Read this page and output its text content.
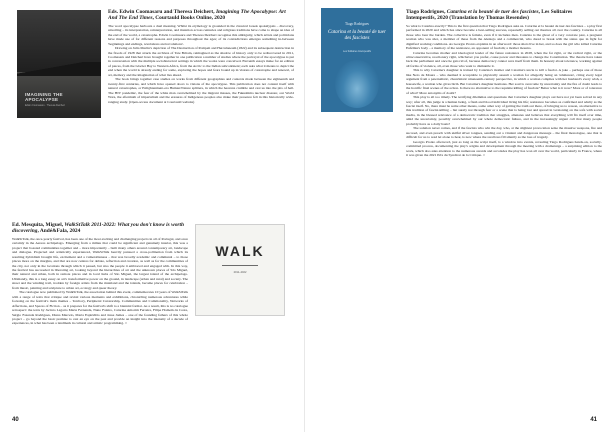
IMAGINING THE APOCALYPSE
Edwin Coomasaru · Theresa Deichert
Eds. Edwin Coomasaru and Theresa Deichert, Imagining The Apocalypse: Art And The End Times, Courtauld Books Online, 2020

The word apocalypse harbours a dual meaning. Whilst its etymology is grounded in the classical Greek apokalypsis – discovery, unveiling – its interpretation, reinterpretation, and mutation across centuries and religious traditions have come to shape an idea of the end of the world, a catastrophe. Edwin Coomasaru and Theresa Deichert recognise this ambiguity, which artists and politicians have made use of for different reasons and purposes throughout the ages; of its contradictions emerges something in-between 'beginnings and endings, revelations and revolutions'.

Drawing on Julia Martin's depiction of The Destruction of Pompeii and Herculaneum (1822) and its subsequent destruction in the floods of 1928 that struck the archives of Tate Britain, reimagined as the shadow of history only to be rediscovered in 2011, Coomasaru and Deichert have brought together in one publication a number of studies where the portrayal of the apocalypse is put in conversation with the multiple sociohistorical settings in which the works were conceived. Eleventh essays make for an edition of pieces, from the Glacier Bay to Western Africa, from the Arctic to the Indian subcontinent; each asks what it means to depict the end when the world is already ending for some, exploring the hopes and fears bound up in visions of catastrophe and renewal, of art, memory and the imagination of what lies ahead.

The book brings together case studies on works from different geographies and contexts made between the eighteenth and twenty-first centuries, and which have opened doors to visions of the apocalypse. This publication does not content itself with natural catastrophes, or Enlightenment-era Human/Nature splitters, in which the heavens crumble and cast us into the pits of hell. The HIV pandemic, the fear of the white man overwhelmed by the migrant masses, the Fukushima nuclear disaster, our World Wars, the aftermath of imperialism and the erasures of Indigenous peoples also make their presence felt in this historically wide-ranging study. (Open-access document at Courtauld website)

Ed. Mesquita, Miguel, WalkStTalk 2011-2022: What you don't know is worth discovering, Andé&Fala, 2024

WalkStTalk, the once-yearly festival, has been one of the most exciting and challenging projects in all of Portugal, and once certainly in the Azores archipelago. Emerging from a milieu that could be significant and genuinely insular, this was a project that boasted communities together and – more importantly – built many others around contemporary art, landscape and dialogue. Projected and artistically experienced, WalkStTalk heavily pursued a cross-pollination from which its resulting hybridism brought life, excitement and a vulnerableness – that was broadly academic and communal – to those places more on the margins, and that are now centres for debate, reflection and creation, as well as for the communities of the city, not only in the locations through which it passed, but also the people it embraced and engaged with. In this way, the festival has succeeded in liberating art, looking beyond the hierarchies of art and the unknown places of São Miguel, their natural and urban, both in remote places and in local hubs of São Miguel, the largest island of the archipelago. Ultimately, this is a long essay on art's transformative power on the ground, in landscape (urban and rural) and society. The street and the winding trail, trodden by foreign artists from the mainland and the islands, became places for celebration – from music, painting and sculpture to urban art, ecology and queer theory.

The catalogue now published by WalkStTalk, the association behind this event, commemorates 10 years of WalkStTalk with a range of texts that critique and revisit various moments and exhibitions, chronicling numerous adventures while focusing on the festival's main themes – Territory, Peripheral Curatorship, Communities and Commonality, Networks of Affections, and Spaces of Fiction – as it prepares for the festival's shift to a biennial format. As a result, this is no catalogue retrospect: the texts by Jacinto Lagarto Maria Fernanda, Nuno Faleiro, Catarina Amorim Ferreira, Filipe Homem da Costa, Sérgio Fazenda Rodrigues, Diana Marcelo, Marta Espiridião and Jesse James – one of the founding fathers of this whole project – go beyond the basic premise to cast an eye on the past and provide an insight into the intensity of a decade of experiences, in what has been a landmark in cultural and artistic programming. //

WALK
2011–2022
40
Tiago Rodrigues
Catarina et la beauté de tuer des fascistes
Les Solitaires Intempestifs
Tiago Rodrigues, Catarina et la beauté de tuer des fascistes, Les Solitaires Intempestifs, 2020 (Translation by Thomas Resendes)

So what is Catarina exactly? This is the first question that Tiago Rodrigues asks us. Catarina et la beauté de tuer des fascistes – a play first performed in 2020 and which has since become a best-selling success, repeatedly selling out theatres all over the country. Catarina is all those who bear the burden. The collective is female, even if it includes men. Catarina is the ghost of a very concrete past, a pregnant woman who was shot, a member of these from the Alentejo and a commercial, who dared to break with the status quo in fight for dignified working conditions. As Georgio Pronto explains in an afterword: those shots live in her, and so does the girl who killed Catarina Eufémia's body – a memory of the resistance, an opponent of fascism; a mother mourns.

Catarina becomes mother and ideological leader of the future resistance in 2028, when the far right, or the radical right, or the ultraconservative, reactionary right, whichever you prefer, cause power and threatens to change the Constitution. The theatre have taken back the parliament and once he gets rid of, because democracy cannot save itself from them. In honesty about tolerance, working against all forms of violence, all, even those who want to dismantle it.

This is why Catarina's daughter is trained by Catarina's mother and Catarina's uncle to kill a fascist. A joke – perhaps one of those like Neto de Moura – who deemed it acceptable to physically assault a woman for allegedly being an 'adulteress', citing every legal argument from a paternalistic, chauvinistic nineteenth-century perspective, in which a woman complies with her husband's every wish, a housewife, a woman who gives birth. But Catarina's daughter hesitates. Her soul is overcome by uncertainty and the fire of doubt leads to the horrific final scenes of the action. Is there no alternative to the requisite killing of fascists? Better what is it now? More or of tolerance of what? More antonyms of doubt?

This play is all too timely. The terrifying dilemmas and questions that Catarina's daughter plays out have not yet been solved in any way; after all, this judge is a human being, a flesh and blood individual living his life; resistance becomes as confirmed and adulty as the fascist itself. No, there must be some other means, some other way of getting the truth out there, of bringing us to reason, an alternative to this tradition of fascist-killing – but surely not through fear or a scene that is being lost and spread in versioning on the sofa with social media, in the blessed relevance of a democratic tradition that struggles, alienates and believes that everything will fix itself over time, amid the uncertainty, possibly overwhelmed by our whole democratic failure, and in the increasingly urgent call that many people probably have as a daily basis?

The solution never comes, and if the fascists who win the day, who, at the slightest provocation seize the massive weapons, fire and succeed, and even preach with skilful silver tongues, sending out a virulent and dangerous message – the final monologue, one that is difficult for us to read let alone to hear, is now where the swallows fill silently as the loss of tragedy.

Georgio Pronto afterword, just as long as the script itself, is a window into events, revealing Tiago Rodrigues hands-on, socially-committed process, documenting the play's origins and development through the meeting with a dramaturge – a surprising edition to the work, which also asks attention to the numerous awards and accolades the play has won all over the world, particularly in France, where it was given the 2021 Prix du Syndicat de la Critique. //

41
